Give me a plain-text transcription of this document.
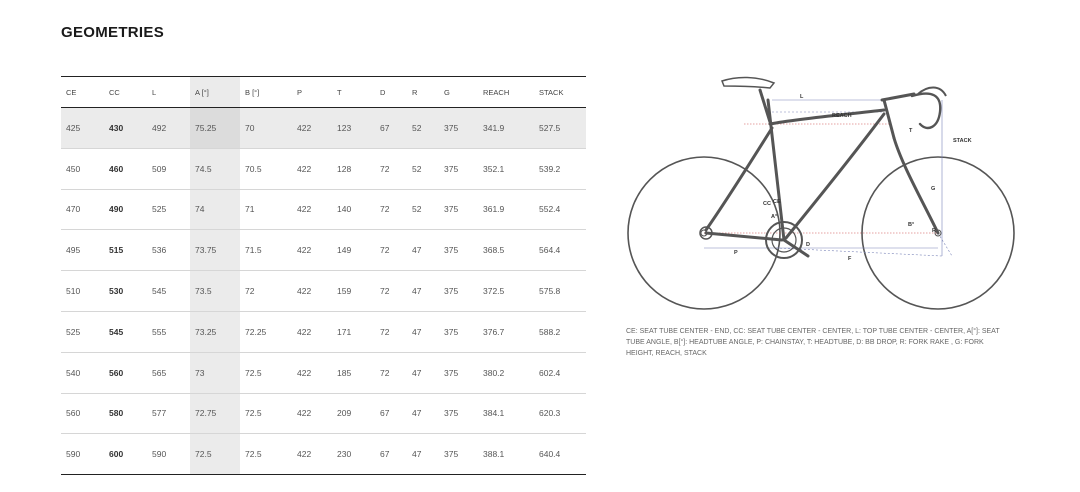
GEOMETRIES
CE	CC	L	A [°]	B [°]	P	T	D	R	G	REACH	STACK
425	430	492	75.25	70	422	123	67	52	375	341.9	527.5
450	460	509	74.5	70.5	422	128	72	52	375	352.1	539.2
470	490	525	74	71	422	140	72	52	375	361.9	552.4
495	515	536	73.75	71.5	422	149	72	47	375	368.5	564.4
510	530	545	73.5	72	422	159	72	47	375	372.5	575.8
525	545	555	73.25	72.25	422	171	72	47	375	376.7	588.2
540	560	565	73	72.5	422	185	72	47	375	380.2	602.4
560	580	577	72.75	72.5	422	209	67	47	375	384.1	620.3
590	600	590	72.5	72.5	422	230	67	47	375	388.1	640.4
L
REACH
STACK
T
G
CC CE
A°
B°
R
D
P
F
CE: SEAT TUBE CENTER - END, CC: SEAT TUBE CENTER - CENTER, L: TOP TUBE CENTER - CENTER, A[°]: SEAT TUBE ANGLE, B[°]: HEADTUBE ANGLE, P: CHAINSTAY, T: HEADTUBE, D: BB DROP, R: FORK RAKE , G: FORK HEIGHT, REACH, STACK
